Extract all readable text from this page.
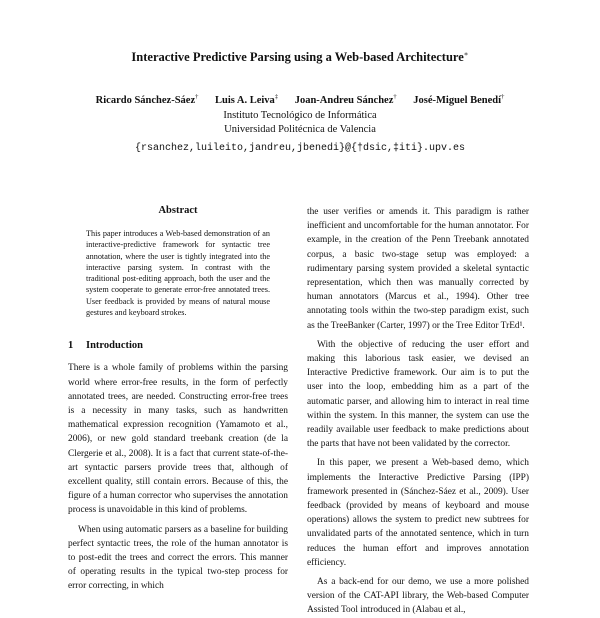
Interactive Predictive Parsing using a Web-based Architecture∗
Ricardo Sánchez-Sáez† Luis A. Leiva‡ Joan-Andreu Sánchez† José-Miguel Benedí†
Instituto Tecnológico de Informática
Universidad Politécnica de Valencia
{rsanchez,luileito,jandreu,jbenedi}@{†dsic,‡iti}.upv.es
Abstract

This paper introduces a Web-based demonstration of an interactive-predictive framework for syntactic tree annotation, where the user is tightly integrated into the interactive parsing system. In contrast with the traditional post-editing approach, both the user and the system cooperate to generate error-free annotated trees. User feedback is provided by means of natural mouse gestures and keyboard strokes.

1 Introduction

There is a whole family of problems within the parsing world where error-free results, in the form of perfectly annotated trees, are needed. Constructing error-free trees is a necessity in many tasks, such as handwritten mathematical expression recognition (Yamamoto et al., 2006), or new gold standard treebank creation (de la Clergerie et al., 2008). It is a fact that current state-of-the-art syntactic parsers provide trees that, although of excellent quality, still contain errors. Because of this, the figure of a human corrector who supervises the annotation process is unavoidable in this kind of problems.

When using automatic parsers as a baseline for building perfect syntactic trees, the role of the human annotator is to post-edit the trees and correct the errors. This manner of operating results in the typical two-step process for error correcting, in which

the user verifies or amends it. This paradigm is rather inefficient and uncomfortable for the human annotator. For example, in the creation of the Penn Treebank annotated corpus, a basic two-stage setup was employed: a rudimentary parsing system provided a skeletal syntactic representation, which then was manually corrected by human annotators (Marcus et al., 1994). Other tree annotating tools within the two-step paradigm exist, such as the TreeBanker (Carter, 1997) or the Tree Editor TrEd¹.

With the objective of reducing the user effort and making this laborious task easier, we devised an Interactive Predictive framework. Our aim is to put the user into the loop, embedding him as a part of the automatic parser, and allowing him to interact in real time within the system. In this manner, the system can use the readily available user feedback to make predictions about the parts that have not been validated by the corrector.

In this paper, we present a Web-based demo, which implements the Interactive Predictive Parsing (IPP) framework presented in (Sánchez-Sáez et al., 2009). User feedback (provided by means of keyboard and mouse operations) allows the system to predict new subtrees for unvalidated parts of the annotated sentence, which in turn reduces the human effort and improves annotation efficiency.

As a back-end for our demo, we use a more polished version of the CAT-API library, the Web-based Computer Assisted Tool introduced in (Alabau et al.,
